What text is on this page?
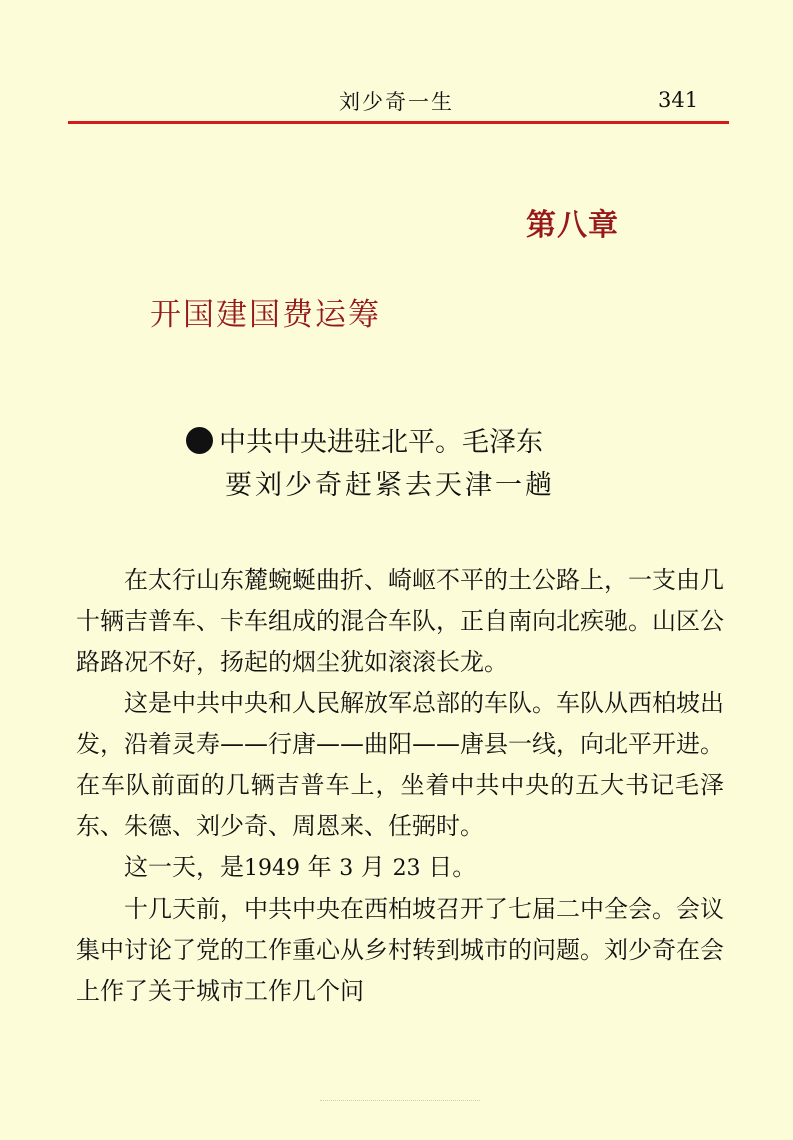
刘少奇一生	341
第八章
开国建国费运筹
中共中央进驻北平。毛泽东
要刘少奇赶紧去天津一趟

在太行山东麓蜿蜒曲折、崎岖不平的土公路上，一支由几十辆吉普车、卡车组成的混合车队，正自南向北疾驰。山区公路路况不好，扬起的烟尘犹如滚滚长龙。

这是中共中央和人民解放军总部的车队。车队从西柏坡出发，沿着灵寿——行唐——曲阳——唐县一线，向北平开进。在车队前面的几辆吉普车上，坐着中共中央的五大书记毛泽东、朱德、刘少奇、周恩来、任弼时。

这一天，是1949 年 3 月 23 日。

十几天前，中共中央在西柏坡召开了七届二中全会。会议集中讨论了党的工作重心从乡村转到城市的问题。刘少奇在会上作了关于城市工作几个问
